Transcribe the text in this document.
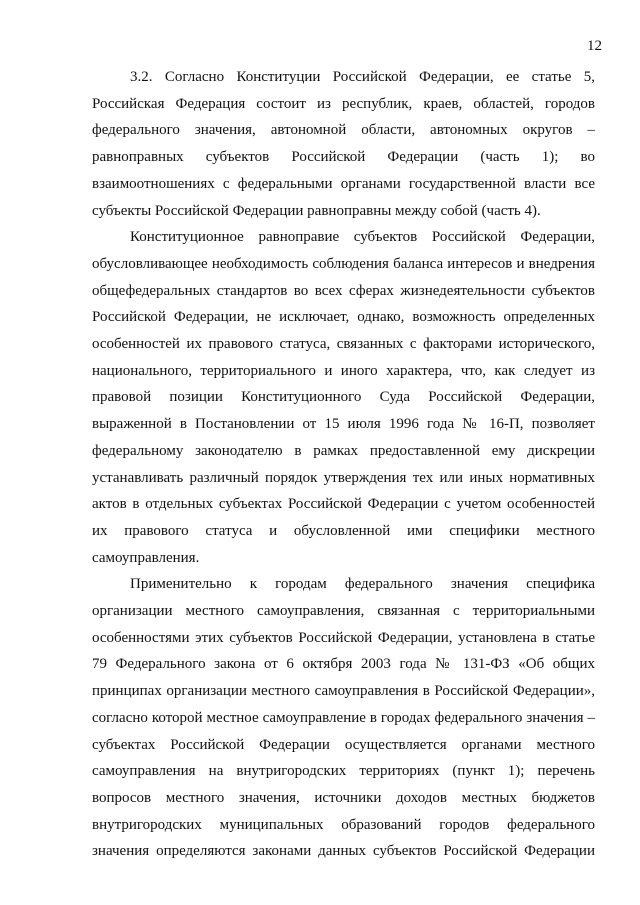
12
3.2. Согласно Конституции Российской Федерации, ее статье 5,
Российская Федерация состоит из республик, краев, областей, городов
федерального значения, автономной области, автономных округов –
равноправных субъектов Российской Федерации (часть 1); во
взаимоотношениях с федеральными органами государственной власти все
субъекты Российской Федерации равноправны между собой (часть 4).
Конституционное равноправие субъектов Российской Федерации,
обусловливающее необходимость соблюдения баланса интересов и внедрения
общефедеральных стандартов во всех сферах жизнедеятельности субъектов
Российской Федерации, не исключает, однако, возможность определенных
особенностей их правового статуса, связанных с факторами исторического,
национального, территориального и иного характера, что, как следует из
правовой позиции Конституционного Суда Российской Федерации,
выраженной в Постановлении от 15 июля 1996 года № 16-П, позволяет
федеральному законодателю в рамках предоставленной ему дискреции
устанавливать различный порядок утверждения тех или иных нормативных
актов в отдельных субъектах Российской Федерации с учетом особенностей
их правового статуса и обусловленной ими специфики местного
самоуправления.
Применительно к городам федерального значения специфика
организации местного самоуправления, связанная с территориальными
особенностями этих субъектов Российской Федерации, установлена в статье
79 Федерального закона от 6 октября 2003 года № 131-ФЗ «Об общих
принципах организации местного самоуправления в Российской Федерации»,
согласно которой местное самоуправление в городах федерального значения –
субъектах Российской Федерации осуществляется органами местного
самоуправления на внутригородских территориях (пункт 1); перечень
вопросов местного значения, источники доходов местных бюджетов
внутригородских муниципальных образований городов федерального
значения определяются законами данных субъектов Российской Федерации
